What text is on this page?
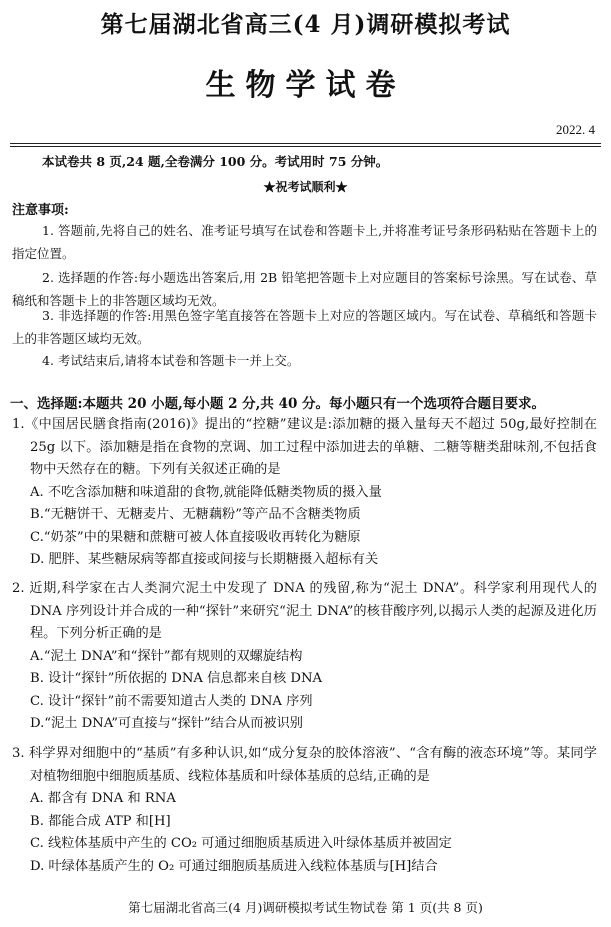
第七届湖北省高三(4 月)调研模拟考试
生物学试卷
2022. 4
本试卷共 8 页,24 题,全卷满分 100 分。考试用时 75 分钟。
★祝考试顺利★
注意事项:
1. 答题前,先将自己的姓名、准考证号填写在试卷和答题卡上,并将准考证号条形码粘贴在答题卡上的指定位置。
2. 选择题的作答:每小题选出答案后,用 2B 铅笔把答题卡上对应题目的答案标号涂黑。写在试卷、草稿纸和答题卡上的非答题区域均无效。
3. 非选择题的作答:用黑色签字笔直接答在答题卡上对应的答题区域内。写在试卷、草稿纸和答题卡上的非答题区域均无效。
4. 考试结束后,请将本试卷和答题卡一并上交。
一、选择题:本题共 20 小题,每小题 2 分,共 40 分。每小题只有一个选项符合题目要求。

1.《中国居民膳食指南(2016)》提出的“控糖”建议是:添加糖的摄入量每天不超过 50g,最好控制在 25g 以下。添加糖是指在食物的烹调、加工过程中添加进去的单糖、二糖等糖类甜味剂,不包括食物中天然存在的糖。下列有关叙述正确的是

A. 不吃含添加糖和味道甜的食物,就能降低糖类物质的摄入量

B.“无糖饼干、无糖麦片、无糖藕粉”等产品不含糖类物质

C.“奶茶”中的果糖和蔗糖可被人体直接吸收再转化为糖原

D. 肥胖、某些糖尿病等都直接或间接与长期糖摄入超标有关

2. 近期,科学家在古人类洞穴泥土中发现了 DNA 的残留,称为“泥土 DNA”。科学家利用现代人的 DNA 序列设计并合成的一种“探针”来研究“泥土 DNA”的核苷酸序列,以揭示人类的起源及进化历程。下列分析正确的是

A.“泥土 DNA”和“探针”都有规则的双螺旋结构

B. 设计“探针”所依据的 DNA 信息都来自核 DNA

C. 设计“探针”前不需要知道古人类的 DNA 序列

D.“泥土 DNA”可直接与“探针”结合从而被识别

3. 科学界对细胞中的“基质”有多种认识,如“成分复杂的胶体溶液”、“含有酶的液态环境”等。某同学对植物细胞中细胞质基质、线粒体基质和叶绿体基质的总结,正确的是

A. 都含有 DNA 和 RNA

B. 都能合成 ATP 和[H]

C. 线粒体基质中产生的 CO₂ 可通过细胞质基质进入叶绿体基质并被固定

D. 叶绿体基质产生的 O₂ 可通过细胞质基质进入线粒体基质与[H]结合

第七届湖北省高三(4 月)调研模拟考试生物试卷 第 1 页(共 8 页)
